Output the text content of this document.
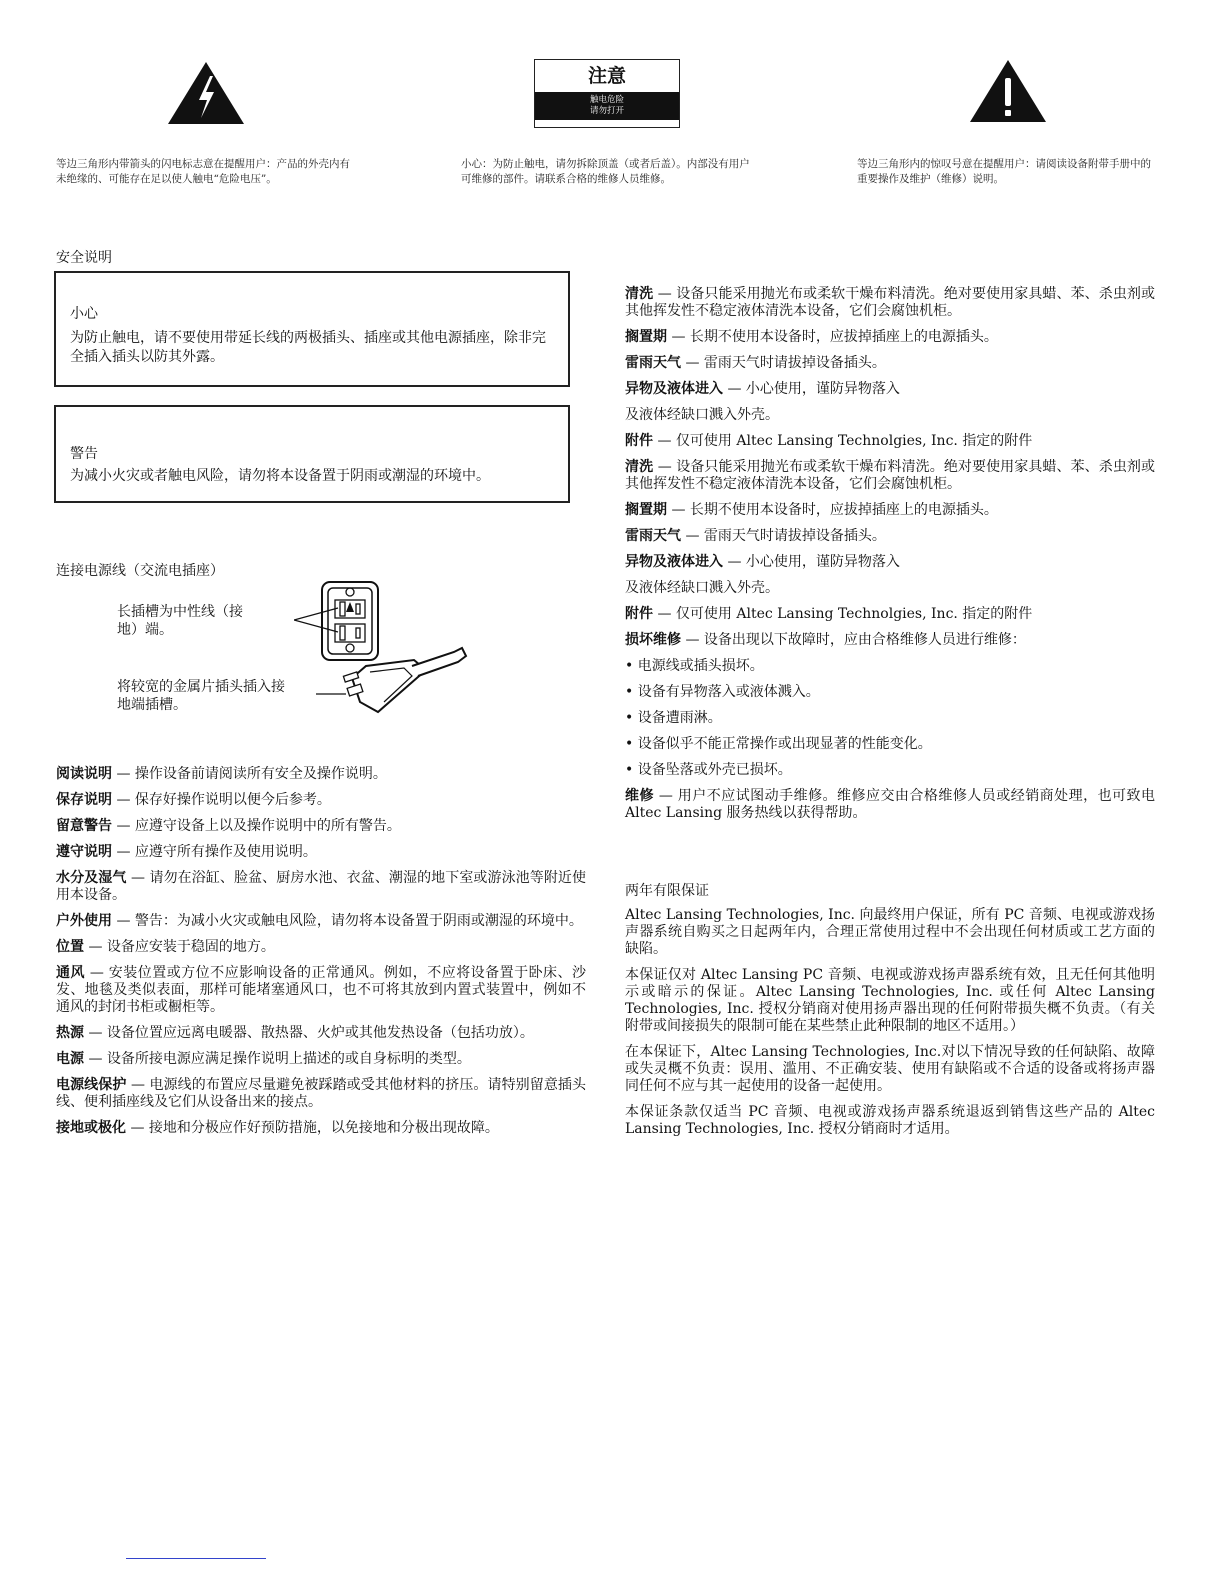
注意
触电危险
请勿打开
等边三角形内带箭头的闪电标志意在提醒用户：产品的外壳内有未绝缘的、可能存在足以使人触电“危险电压”。
小心：为防止触电，请勿拆除顶盖（或者后盖）。内部没有用户可维修的部件。请联系合格的维修人员维修。
等边三角形内的惊叹号意在提醒用户：请阅读设备附带手册中的重要操作及维护（维修）说明。
安全说明
小心
为防止触电，请不要使用带延长线的两极插头、插座或其他电源插座，除非完全插入插头以防其外露。
警告
为减小火灾或者触电风险，请勿将本设备置于阴雨或潮湿的环境中。
连接电源线（交流电插座）
长插槽为中性线（接地）端。
将较宽的金属片插头插入接地端插槽。

阅读说明 — 操作设备前请阅读所有安全及操作说明。

保存说明 — 保存好操作说明以便今后参考。

留意警告 — 应遵守设备上以及操作说明中的所有警告。

遵守说明 — 应遵守所有操作及使用说明。

水分及湿气 — 请勿在浴缸、脸盆、厨房水池、衣盆、潮湿的地下室或游泳池等附近使用本设备。

户外使用 — 警告：为减小火灾或触电风险，请勿将本设备置于阴雨或潮湿的环境中。

位置 — 设备应安装于稳固的地方。

通风 — 安装位置或方位不应影响设备的正常通风。例如，不应将设备置于卧床、沙发、地毯及类似表面，那样可能堵塞通风口，也不可将其放到内置式装置中，例如不通风的封闭书柜或橱柜等。

热源 — 设备位置应远离电暖器、散热器、火炉或其他发热设备（包括功放）。

电源 — 设备所接电源应满足操作说明上描述的或自身标明的类型。

电源线保护 — 电源线的布置应尽量避免被踩踏或受其他材料的挤压。请特别留意插头线、便利插座线及它们从设备出来的接点。

接地或极化 — 接地和分极应作好预防措施，以免接地和分极出现故障。

清洗 — 设备只能采用抛光布或柔软干燥布料清洗。绝对要使用家具蜡、苯、杀虫剂或其他挥发性不稳定液体清洗本设备，它们会腐蚀机柜。

搁置期 — 长期不使用本设备时，应拔掉插座上的电源插头。

雷雨天气 — 雷雨天气时请拔掉设备插头。

异物及液体进入 — 小心使用，谨防异物落入

及液体经缺口溅入外壳。

附件 — 仅可使用 Altec Lansing Technolgies, Inc. 指定的附件

清洗 — 设备只能采用抛光布或柔软干燥布料清洗。绝对要使用家具蜡、苯、杀虫剂或其他挥发性不稳定液体清洗本设备，它们会腐蚀机柜。

搁置期 — 长期不使用本设备时，应拔掉插座上的电源插头。

雷雨天气 — 雷雨天气时请拔掉设备插头。

异物及液体进入 — 小心使用，谨防异物落入

及液体经缺口溅入外壳。

附件 — 仅可使用 Altec Lansing Technolgies, Inc. 指定的附件

损坏维修 — 设备出现以下故障时，应由合格维修人员进行维修：

• 电源线或插头损坏。
• 设备有异物落入或液体溅入。
• 设备遭雨淋。
• 设备似乎不能正常操作或出现显著的性能变化。
• 设备坠落或外壳已损坏。

维修 — 用户不应试图动手维修。维修应交由合格维修人员或经销商处理，也可致电 Altec Lansing 服务热线以获得帮助。

两年有限保证

Altec Lansing Technologies, Inc. 向最终用户保证，所有 PC 音频、电视或游戏扬声器系统自购买之日起两年内，合理正常使用过程中不会出现任何材质或工艺方面的缺陷。

本保证仅对 Altec Lansing PC 音频、电视或游戏扬声器系统有效，且无任何其他明示或暗示的保证。Altec Lansing Technologies, Inc. 或任何 Altec Lansing Technologies, Inc. 授权分销商对使用扬声器出现的任何附带损失概不负责。（有关附带或间接损失的限制可能在某些禁止此种限制的地区不适用。）

在本保证下，Altec Lansing Technologies, Inc.对以下情况导致的任何缺陷、故障或失灵概不负责：误用、滥用、不正确安装、使用有缺陷或不合适的设备或将扬声器同任何不应与其一起使用的设备一起使用。

本保证条款仅适当 PC 音频、电视或游戏扬声器系统退返到销售这些产品的 Altec Lansing Technologies, Inc. 授权分销商时才适用。
